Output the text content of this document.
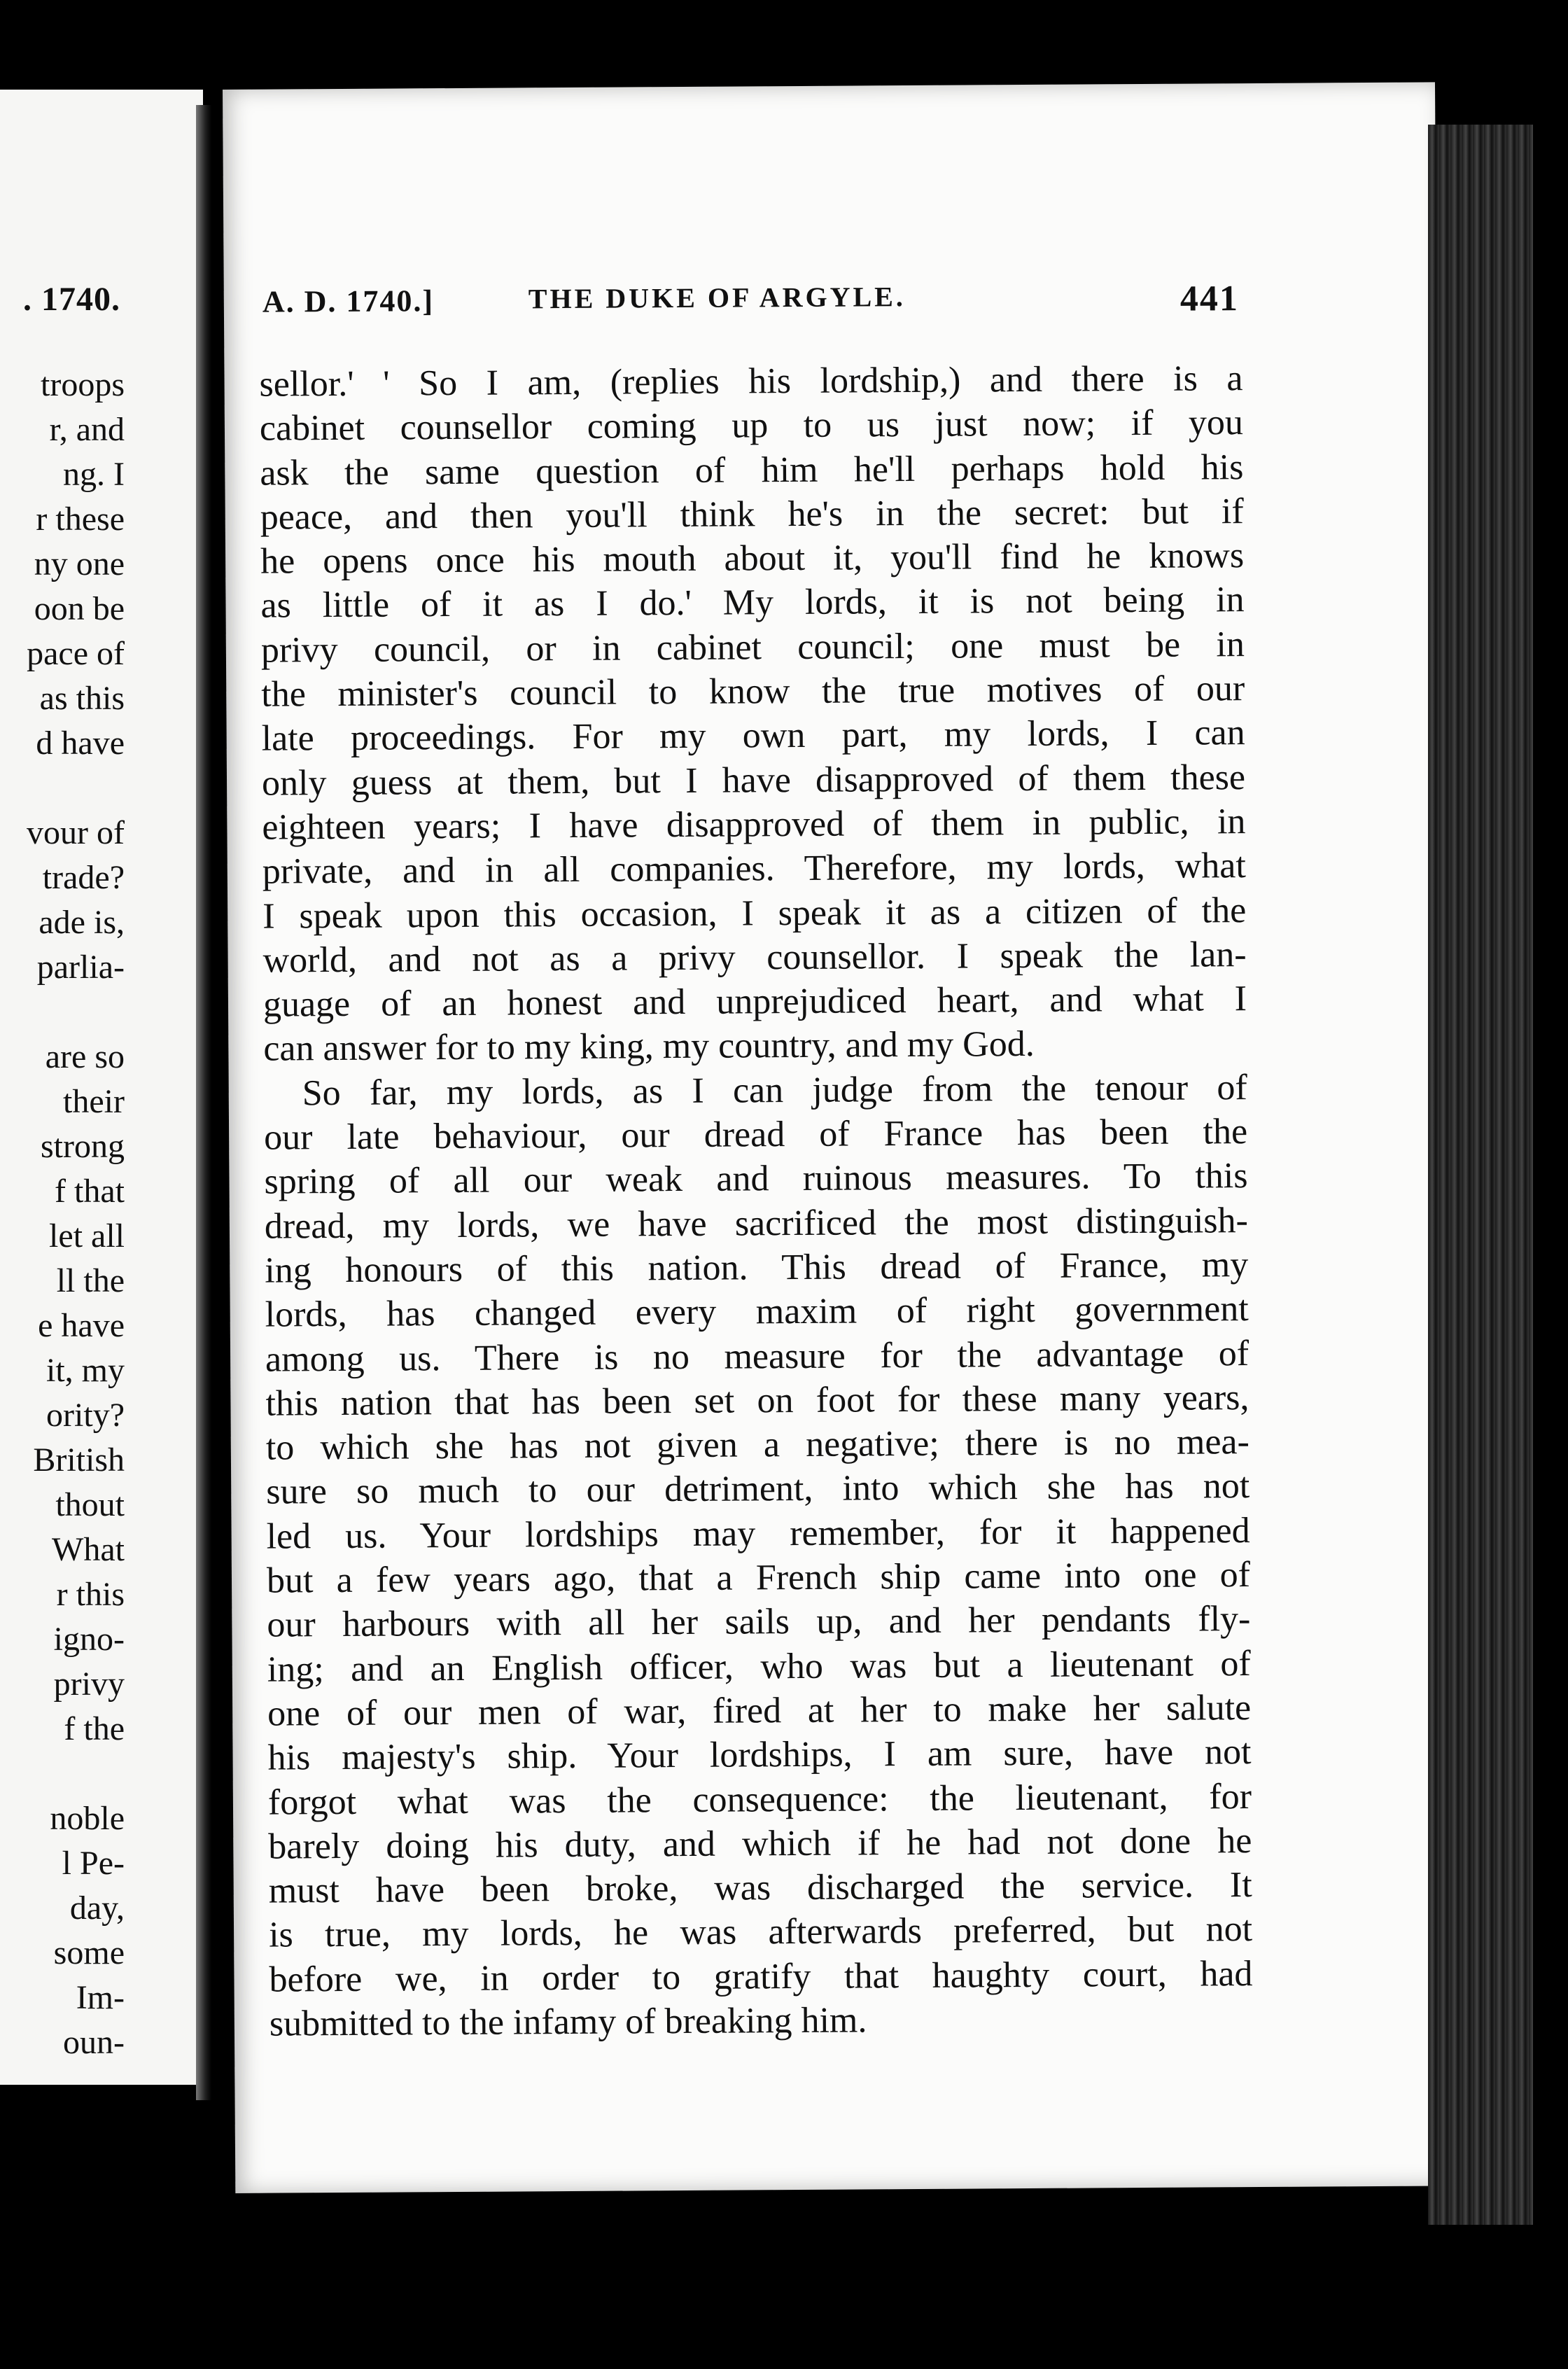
. 1740.
troops
r, and
ng. I
r these
ny one
oon be
pace of
as this
d have
vour of
trade?
ade is,
parlia-
are so
their
strong
f that
let all
ll the
e have
it, my
ority?
British
thout
What
r this
igno-
privy
f the
noble
l Pe-
day,
some
Im-
oun-
A. D. 1740.]	THE DUKE OF ARGYLE.	441
sellor.' ' So I am, (replies his lordship,) and there is a
cabinet counsellor coming up to us just now; if you
ask the same question of him he'll perhaps hold his
peace, and then you'll think he's in the secret: but if
he opens once his mouth about it, you'll find he knows
as little of it as I do.' My lords, it is not being in
privy council, or in cabinet council; one must be in
the minister's council to know the true motives of our
late proceedings. For my own part, my lords, I can
only guess at them, but I have disapproved of them these
eighteen years; I have disapproved of them in public, in
private, and in all companies. Therefore, my lords, what
I speak upon this occasion, I speak it as a citizen of the
world, and not as a privy counsellor. I speak the lan-
guage of an honest and unprejudiced heart, and what I
can answer for to my king, my country, and my God.
So far, my lords, as I can judge from the tenour of
our late behaviour, our dread of France has been the
spring of all our weak and ruinous measures. To this
dread, my lords, we have sacrificed the most distinguish-
ing honours of this nation. This dread of France, my
lords, has changed every maxim of right government
among us. There is no measure for the advantage of
this nation that has been set on foot for these many years,
to which she has not given a negative; there is no mea-
sure so much to our detriment, into which she has not
led us. Your lordships may remember, for it happened
but a few years ago, that a French ship came into one of
our harbours with all her sails up, and her pendants fly-
ing; and an English officer, who was but a lieutenant of
one of our men of war, fired at her to make her salute
his majesty's ship. Your lordships, I am sure, have not
forgot what was the consequence: the lieutenant, for
barely doing his duty, and which if he had not done he
must have been broke, was discharged the service. It
is true, my lords, he was afterwards preferred, but not
before we, in order to gratify that haughty court, had
submitted to the infamy of breaking him.
